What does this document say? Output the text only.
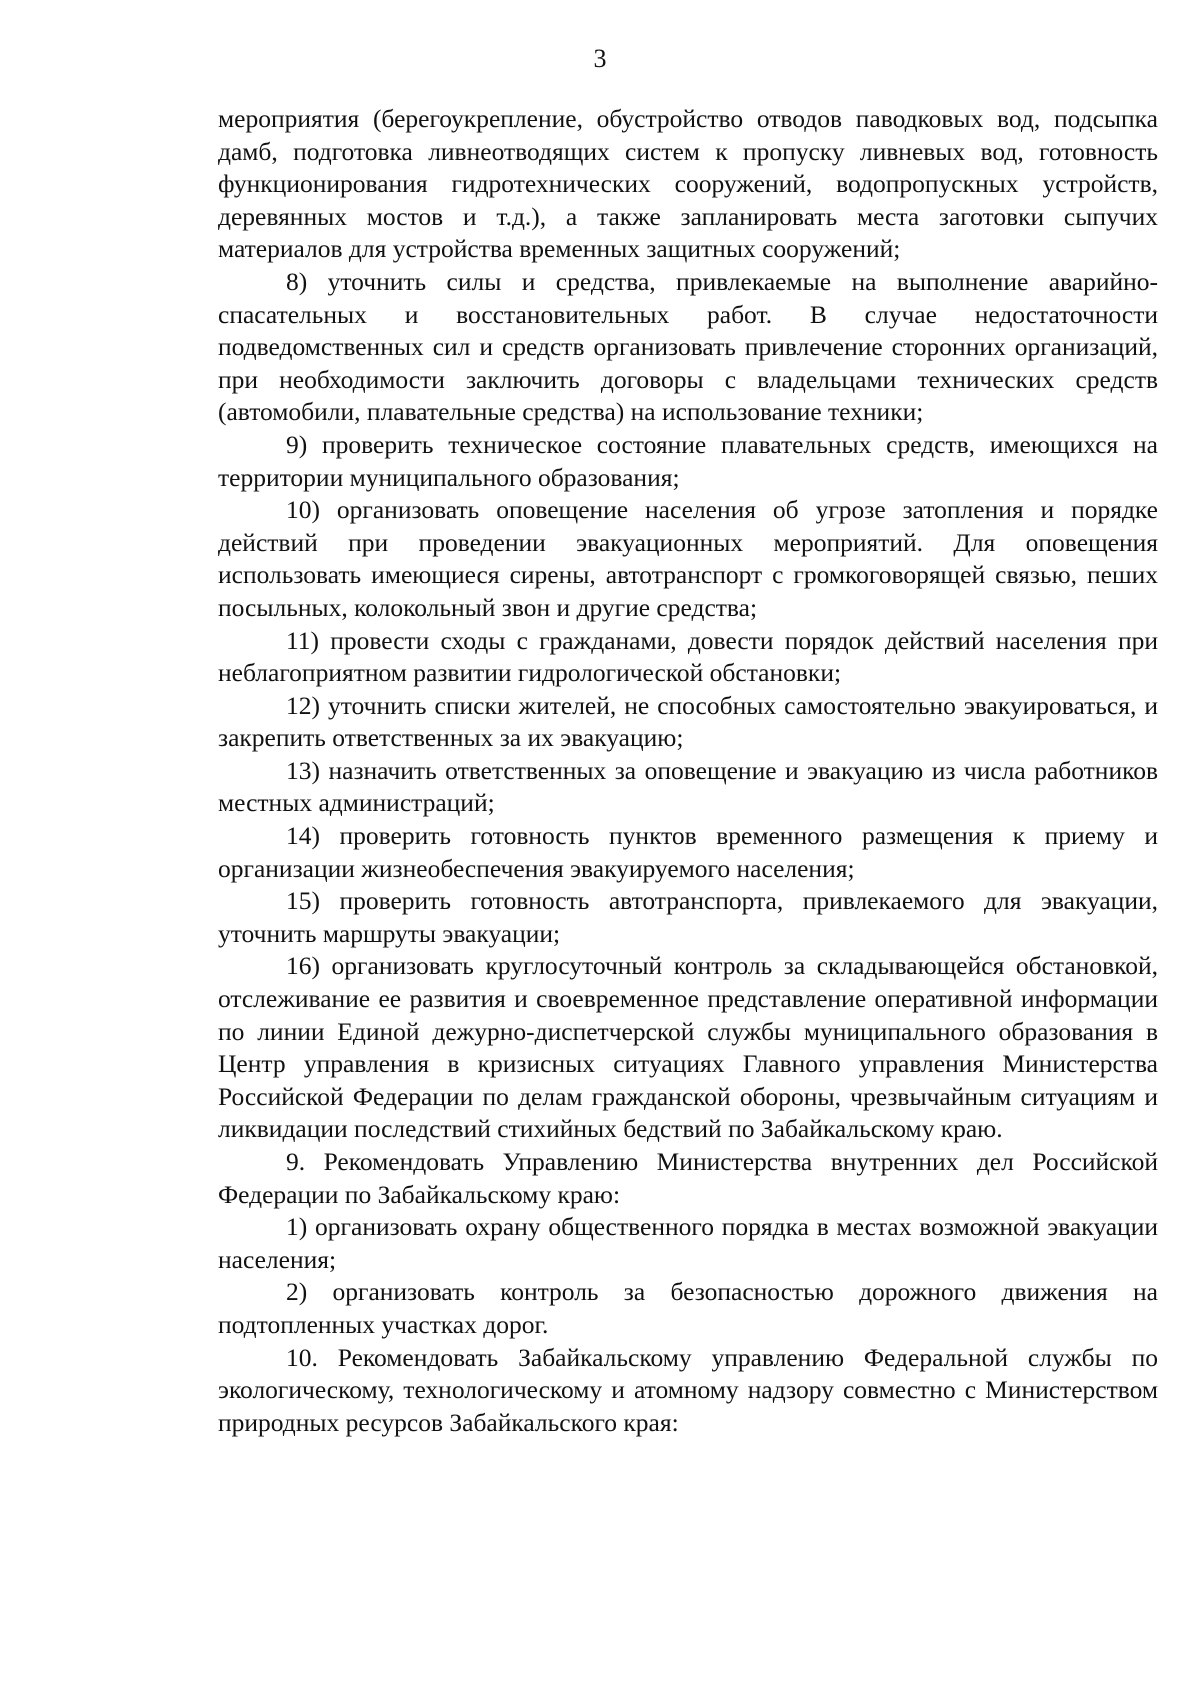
3

мероприятия (берегоукрепление, обустройство отводов паводковых вод, подсыпка дамб, подготовка ливнеотводящих систем к пропуску ливневых вод, готовность функционирования гидротехнических сооружений, водопропускных устройств, деревянных мостов и т.д.), а также запланировать места заготовки сыпучих материалов для устройства временных защитных сооружений;

8) уточнить силы и средства, привлекаемые на выполнение аварийно-спасательных и восстановительных работ. В случае недостаточности подведомственных сил и средств организовать привлечение сторонних организаций, при необходимости заключить договоры с владельцами технических средств (автомобили, плавательные средства) на использование техники;

9) проверить техническое состояние плавательных средств, имеющихся на территории муниципального образования;

10) организовать оповещение населения об угрозе затопления и порядке действий при проведении эвакуационных мероприятий. Для оповещения использовать имеющиеся сирены, автотранспорт с громкоговорящей связью, пеших посыльных, колокольный звон и другие средства;

11) провести сходы с гражданами, довести порядок действий населения при неблагоприятном развитии гидрологической обстановки;

12) уточнить списки жителей, не способных самостоятельно эвакуироваться, и закрепить ответственных за их эвакуацию;

13) назначить ответственных за оповещение и эвакуацию из числа работников местных администраций;

14) проверить готовность пунктов временного размещения к приему и организации жизнеобеспечения эвакуируемого населения;

15) проверить готовность автотранспорта, привлекаемого для эвакуации, уточнить маршруты эвакуации;

16) организовать круглосуточный контроль за складывающейся обстановкой, отслеживание ее развития и своевременное представление оперативной информации по линии Единой дежурно-диспетчерской службы муниципального образования в Центр управления в кризисных ситуациях Главного управления Министерства Российской Федерации по делам гражданской обороны, чрезвычайным ситуациям и ликвидации последствий стихийных бедствий по Забайкальскому краю.

9. Рекомендовать Управлению Министерства внутренних дел Российской Федерации по Забайкальскому краю:

1) организовать охрану общественного порядка в местах возможной эвакуации населения;

2) организовать контроль за безопасностью дорожного движения на подтопленных участках дорог.

10. Рекомендовать Забайкальскому управлению Федеральной службы по экологическому, технологическому и атомному надзору совместно с Министерством природных ресурсов Забайкальского края:
